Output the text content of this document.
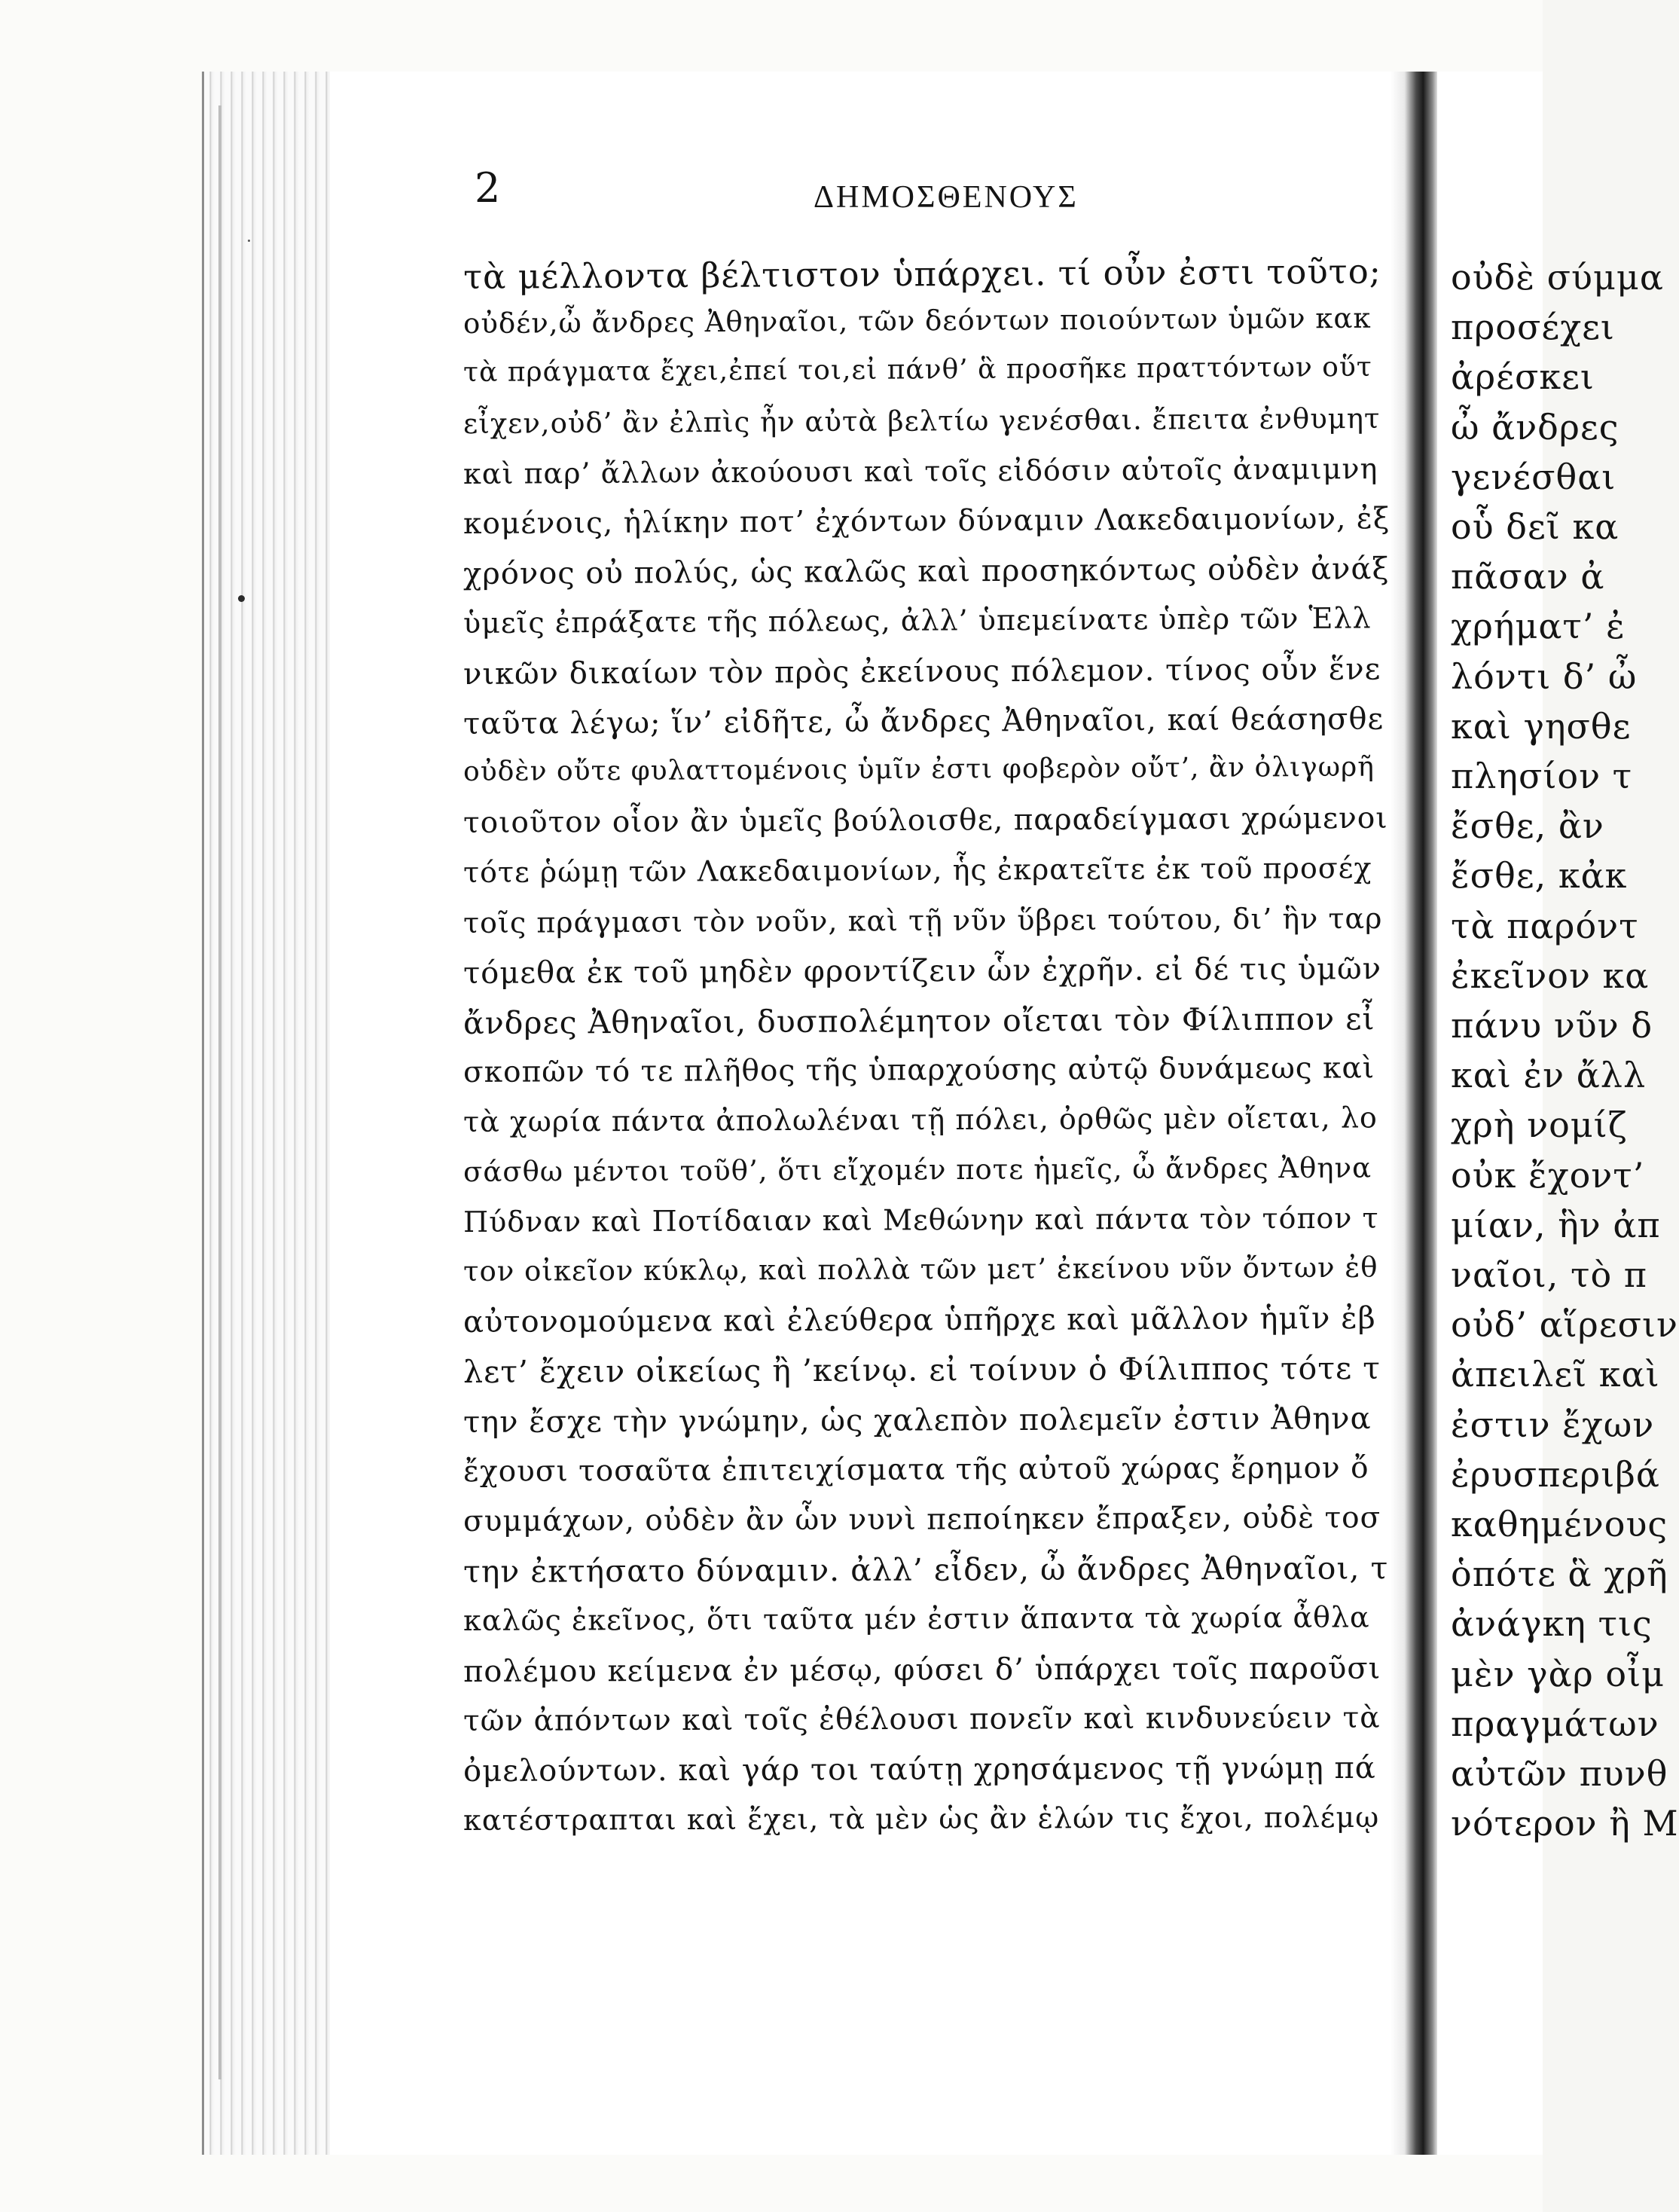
2	ΔΗΜΟΣΘΕΝΟΥΣ
τὰ μέλλοντα βέλτιστον ὑπάρχει. τί οὖν ἐστι τοῦτο;
οὐδέν,ὦ ἄνδρες Ἀθηναῖοι, τῶν δεόντων ποιούντων ὑμῶν κακ
τὰ πράγματα ἔχει,ἐπεί τοι,εἰ πάνθ’ ἃ προσῆκε πραττόντων οὕτ
εἶχεν,οὐδ’ ἂν ἐλπὶς ἦν αὐτὰ βελτίω γενέσθαι. ἔπειτα ἐνθυμητ
καὶ παρ’ ἄλλων ἀκούουσι καὶ τοῖς εἰδόσιν αὐτοῖς ἀναμιμνη
κομένοις, ἡλίκην ποτ’ ἐχόντων δύναμιν Λακεδαιμονίων, ἐξ
χρόνος οὐ πολύς, ὡς καλῶς καὶ προσηκόντως οὐδὲν ἀνάξ
ὑμεῖς ἐπράξατε τῆς πόλεως, ἀλλ’ ὑπεμείνατε ὑπὲρ τῶν Ἑλλ
νικῶν δικαίων τὸν πρὸς ἐκείνους πόλεμον. τίνος οὖν ἕνε
ταῦτα λέγω; ἵν’ εἰδῆτε, ὦ ἄνδρες Ἀθηναῖοι, καί θεάσησθε
οὐδὲν οὔτε φυλαττομένοις ὑμῖν ἐστι φοβερὸν οὔτ’, ἂν ὀλιγωρῆ
τοιοῦτον οἷον ἂν ὑμεῖς βούλοισθε, παραδείγμασι χρώμενοι
τότε ῥώμῃ τῶν Λακεδαιμονίων, ἧς ἐκρατεῖτε ἐκ τοῦ προσέχ
τοῖς πράγμασι τὸν νοῦν, καὶ τῇ νῦν ὕβρει τούτου, δι’ ἣν ταρ
τόμεθα ἐκ τοῦ μηδὲν φροντίζειν ὧν ἐχρῆν. εἰ δέ τις ὑμῶν
ἄνδρες Ἀθηναῖοι, δυσπολέμητον οἴεται τὸν Φίλιππον εἶ
σκοπῶν τό τε πλῆθος τῆς ὑπαρχούσης αὐτῷ δυνάμεως καὶ
τὰ χωρία πάντα ἀπολωλέναι τῇ πόλει, ὀρθῶς μὲν οἴεται, λο
σάσθω μέντοι τοῦθ’, ὅτι εἴχομέν ποτε ἡμεῖς, ὦ ἄνδρες Ἀθηνα
Πύδναν καὶ Ποτίδαιαν καὶ Μεθώνην καὶ πάντα τὸν τόπον τ
τον οἰκεῖον κύκλῳ, καὶ πολλὰ τῶν μετ’ ἐκείνου νῦν ὄντων ἐθ
αὐτονομούμενα καὶ ἐλεύθερα ὑπῆρχε καὶ μᾶλλον ἡμῖν ἐβ
λετ’ ἔχειν οἰκείως ἢ ’κείνῳ. εἰ τοίνυν ὁ Φίλιππος τότε τ
την ἔσχε τὴν γνώμην, ὡς χαλεπὸν πολεμεῖν ἐστιν Ἀθηνα
ἔχουσι τοσαῦτα ἐπιτειχίσματα τῆς αὐτοῦ χώρας ἔρημον ὄ
συμμάχων, οὐδὲν ἂν ὧν νυνὶ πεποίηκεν ἔπραξεν, οὐδὲ τοσ
την ἐκτήσατο δύναμιν. ἀλλ’ εἶδεν, ὦ ἄνδρες Ἀθηναῖοι, τ
καλῶς ἐκεῖνος, ὅτι ταῦτα μέν ἐστιν ἅπαντα τὰ χωρία ἆθλα
πολέμου κείμενα ἐν μέσῳ, φύσει δ’ ὑπάρχει τοῖς παροῦσι
τῶν ἀπόντων καὶ τοῖς ἐθέλουσι πονεῖν καὶ κινδυνεύειν τὰ
ὀμελούντων. καὶ γάρ τοι ταύτῃ χρησάμενος τῇ γνώμῃ πά
κατέστραπται καὶ ἔχει, τὰ μὲν ὡς ἂν ἑλών τις ἔχοι, πολέμῳ
οὐδὲ σύμμα
προσέχει
ἀρέσκει
ὦ ἄνδρες
γενέσθαι
οὗ δεῖ κα
πᾶσαν ἀ
χρήματ’ ἐ
λόντι δ’ ὦ
καὶ γησθε
πλησίον τ
ἔσθε, ἂν
ἔσθε, κἀκ
τὰ παρόντ
ἐκεῖνον κα
πάνυ νῦν δ
καὶ ἐν ἄλλ
χρὴ νομίζ
οὐκ ἔχοντ’
μίαν, ἣν ἀπ
ναῖοι, τὸ π
οὐδ’ αἵρεσιν
ἀπειλεῖ καὶ
ἐστιν ἔχων
ἐρυσπεριβά
καθημένους
ὁπότε ἃ χρῆ
ἀνάγκη τις
μὲν γὰρ οἶμ
πραγμάτων
αὐτῶν πυνθ
νότερον ἢ Μ
